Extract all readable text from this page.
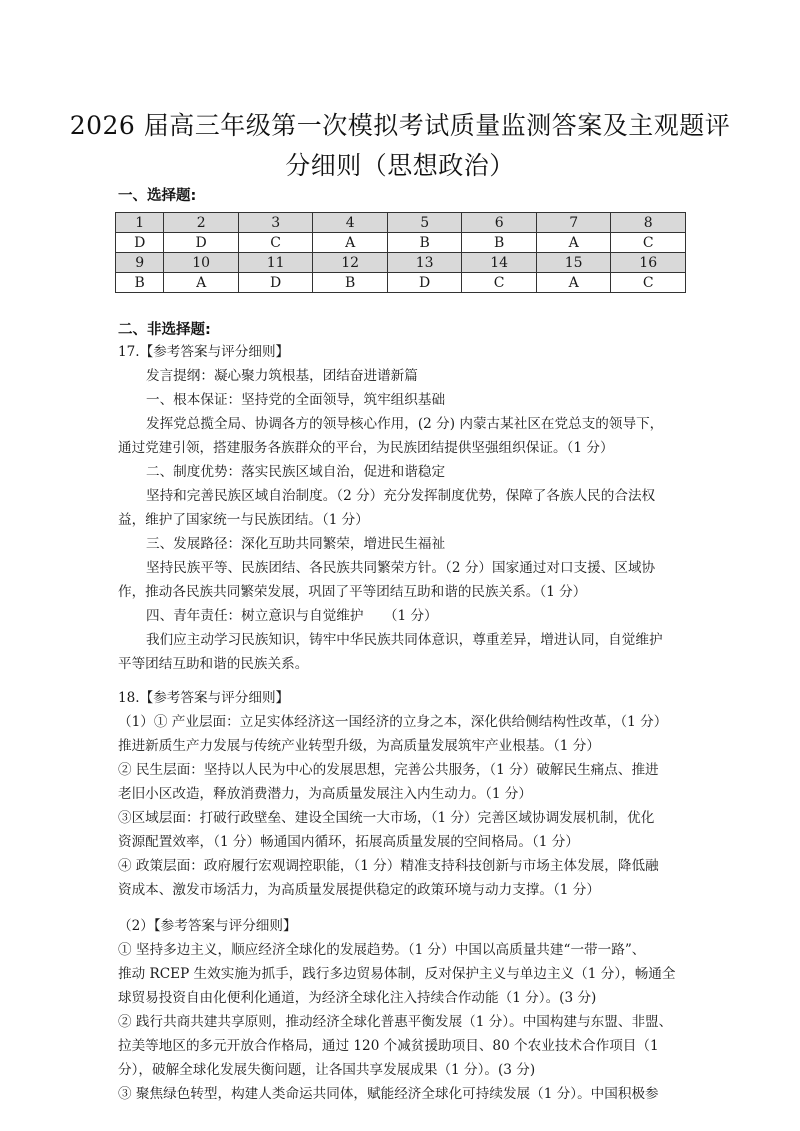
2026 届高三年级第一次模拟考试质量监测答案及主观题评
分细则（思想政治）
一、选择题:
1	2	3	4	5	6	7	8
D	D	C	A	B	B	A	C
9	10	11	12	13	14	15	16
B	A	D	B	D	C	A	C
二、非选择题:
17.【参考答案与评分细则】
发言提纲：凝心聚力筑根基，团结奋进谱新篇
一、根本保证：坚持党的全面领导，筑牢组织基础
发挥党总揽全局、协调各方的领导核心作用，(2 分) 内蒙古某社区在党总支的领导下，
通过党建引领，搭建服务各族群众的平台，为民族团结提供坚强组织保证。（1 分）
二、制度优势：落实民族区域自治，促进和谐稳定
坚持和完善民族区域自治制度。（2 分）充分发挥制度优势，保障了各族人民的合法权
益，维护了国家统一与民族团结。（1 分）
三、发展路径：深化互助共同繁荣，增进民生福祉
坚持民族平等、民族团结、各民族共同繁荣方针。（2 分）国家通过对口支援、区域协
作，推动各民族共同繁荣发展，巩固了平等团结互助和谐的民族关系。（1 分）
四、青年责任：树立意识与自觉维护　　（1 分）
我们应主动学习民族知识，铸牢中华民族共同体意识，尊重差异，增进认同，自觉维护
平等团结互助和谐的民族关系。
18.【参考答案与评分细则】
（1）① 产业层面：立足实体经济这一国经济的立身之本，深化供给侧结构性改革，（1 分）
推进新质生产力发展与传统产业转型升级，为高质量发展筑牢产业根基。（1 分）
② 民生层面：坚持以人民为中心的发展思想，完善公共服务，（1 分）破解民生痛点、推进
老旧小区改造，释放消费潜力，为高质量发展注入内生动力。（1 分）
③区域层面：打破行政壁垒、建设全国统一大市场，（1 分）完善区域协调发展机制，优化
资源配置效率，（1 分）畅通国内循环，拓展高质量发展的空间格局。（1 分）
④ 政策层面：政府履行宏观调控职能，（1 分）精准支持科技创新与市场主体发展，降低融
资成本、激发市场活力，为高质量发展提供稳定的政策环境与动力支撑。（1 分）
（2）【参考答案与评分细则】
① 坚持多边主义，顺应经济全球化的发展趋势。（1 分）中国以高质量共建“一带一路”、
推动 RCEP 生效实施为抓手，践行多边贸易体制，反对保护主义与单边主义（1 分），畅通全
球贸易投资自由化便利化通道，为经济全球化注入持续合作动能（1 分）。(3 分)
② 践行共商共建共享原则，推动经济全球化普惠平衡发展（1 分）。中国构建与东盟、非盟、
拉美等地区的多元开放合作格局，通过 120 个减贫援助项目、80 个农业技术合作项目（1
分），破解全球化发展失衡问题，让各国共享发展成果（1 分）。(3 分)
③ 聚焦绿色转型，构建人类命运共同体，赋能经济全球化可持续发展（1 分）。中国积极参
